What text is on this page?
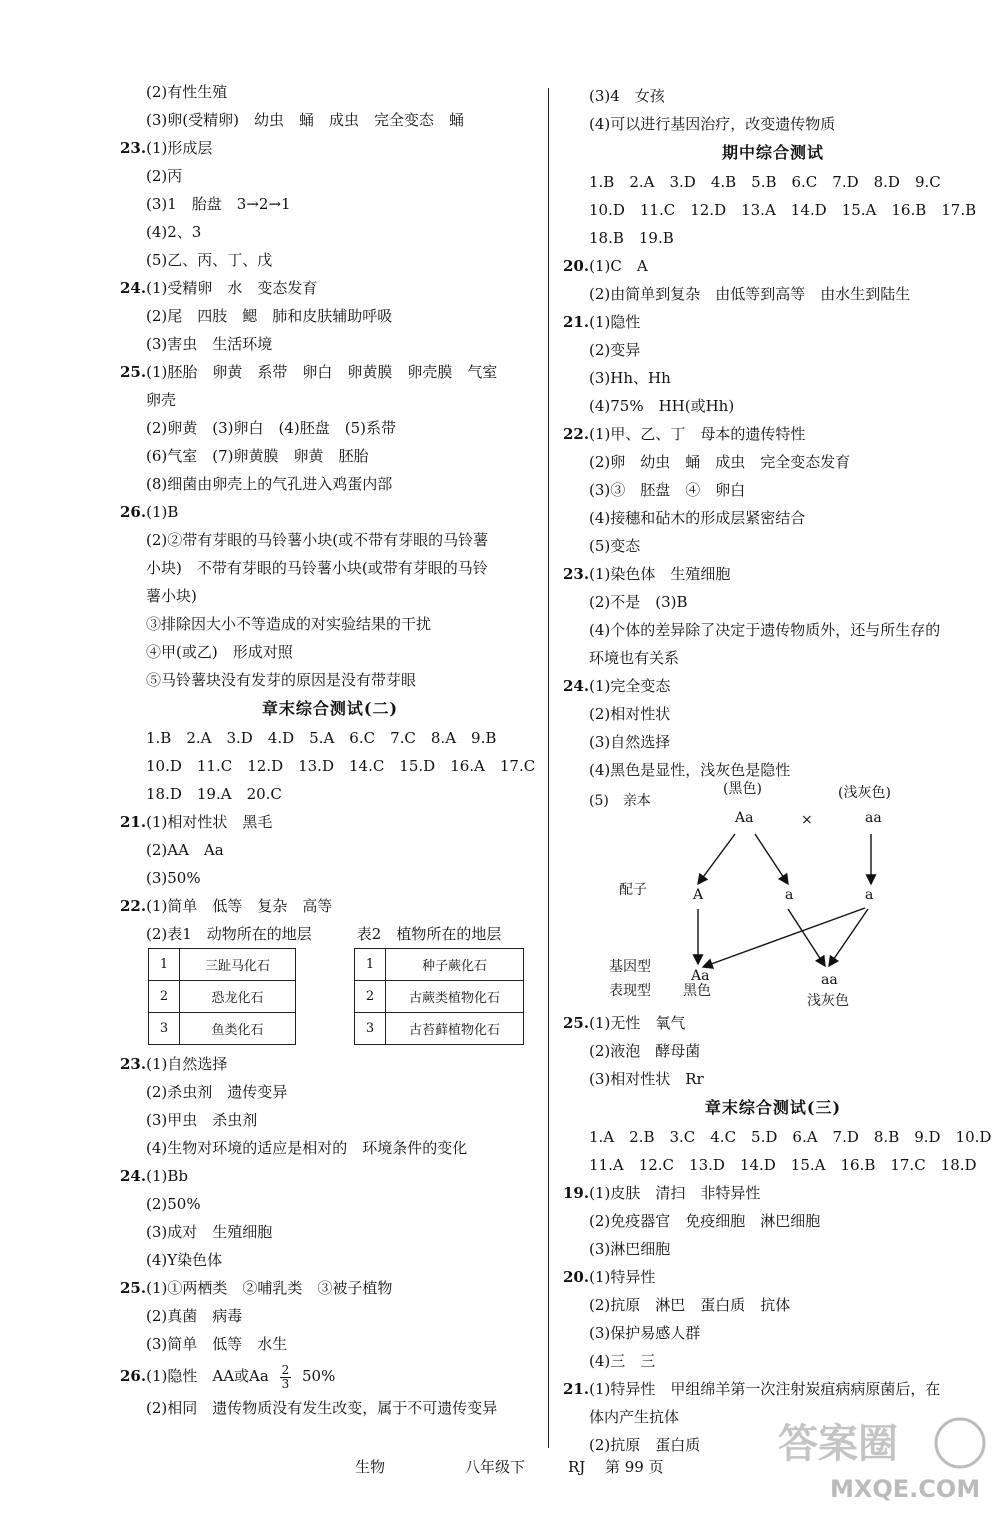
(2)有性生殖
(3)卵(受精卵)　幼虫　蛹　成虫　完全变态　蛹
23.(1)形成层
(2)丙
(3)1　胎盘　3→2→1
(4)2、3
(5)乙、丙、丁、戊
24.(1)受精卵　水　变态发育
(2)尾　四肢　鳃　肺和皮肤辅助呼吸
(3)害虫　生活环境
25.(1)胚胎　卵黄　系带　卵白　卵黄膜　卵壳膜　气室
卵壳
(2)卵黄　(3)卵白　(4)胚盘　(5)系带
(6)气室　(7)卵黄膜　卵黄　胚胎
(8)细菌由卵壳上的气孔进入鸡蛋内部
26.(1)B
(2)②带有芽眼的马铃薯小块(或不带有芽眼的马铃薯
小块)　不带有芽眼的马铃薯小块(或带有芽眼的马铃
薯小块)
③排除因大小不等造成的对实验结果的干扰
④甲(或乙)　形成对照
⑤马铃薯块没有发芽的原因是没有带芽眼
章末综合测试(二)
1.B　2.A　3.D　4.D　5.A　6.C　7.C　8.A　9.B
10.D　11.C　12.D　13.D　14.C　15.D　16.A　17.C
18.D　19.A　20.C
21.(1)相对性状　黑毛
(2)AA　Aa
(3)50%
22.(1)简单　低等　复杂　高等
(2)表1　动物所在的地层　　　表2　植物所在的地层
1	三趾马化石
2	恐龙化石
3	鱼类化石
1	种子蕨化石
2	古蕨类植物化石
3	古苔藓植物化石
23.(1)自然选择
(2)杀虫剂　遗传变异
(3)甲虫　杀虫剂
(4)生物对环境的适应是相对的　环境条件的变化
24.(1)Bb
(2)50%
(3)成对　生殖细胞
(4)Y染色体
25.(1)①两栖类　②哺乳类　③被子植物
(2)真菌　病毒
(3)简单　低等　水生
26.(1)隐性　AA或Aa $\frac{2}{3} 50\%$
(2)相同　遗传物质没有发生改变，属于不可遗传变异
(3)4　女孩
(4)可以进行基因治疗，改变遗传物质
期中综合测试
1.B　2.A　3.D　4.B　5.B　6.C　7.D　8.D　9.C
10.D　11.C　12.D　13.A　14.D　15.A　16.B　17.B
18.B　19.B
20.(1)C　A
(2)由简单到复杂　由低等到高等　由水生到陆生
21.(1)隐性
(2)变异
(3)Hh、Hh
(4)75%　HH(或Hh)
22.(1)甲、乙、丁　母本的遗传特性
(2)卵　幼虫　蛹　成虫　完全变态发育
(3)③　胚盘　④　卵白
(4)接穗和砧木的形成层紧密结合
(5)变态
23.(1)染色体　生殖细胞
(2)不是　(3)B
(4)个体的差异除了决定于遗传物质外，还与所生存的
环境也有关系
24.(1)完全变态
(2)相对性状
(3)自然选择
(4)黑色是显性，浅灰色是隐性
(5)　亲本
(黑色)	(浅灰色)
Aa	×	aa
配子	A	a	a
基因型
Aa	aa
表现型 黑色
浅灰色
25.(1)无性　氧气
(2)液泡　酵母菌
(3)相对性状　Rr
章末综合测试(三)
1.A　2.B　3.C　4.C　5.D　6.A　7.D　8.B　9.D　10.D
11.A　12.C　13.D　14.D　15.A　16.B　17.C　18.D
19.(1)皮肤　清扫　非特异性
(2)免疫器官　免疫细胞　淋巴细胞
(3)淋巴细胞
20.(1)特异性
(2)抗原　淋巴　蛋白质　抗体
(3)保护易感人群
(4)三　三
21.(1)特异性　甲组绵羊第一次注射炭疽病病原菌后，在
体内产生抗体
(2)抗原　蛋白质
生物	八年级下	RJ 第 99 页	答案圈
MXQE.COM
